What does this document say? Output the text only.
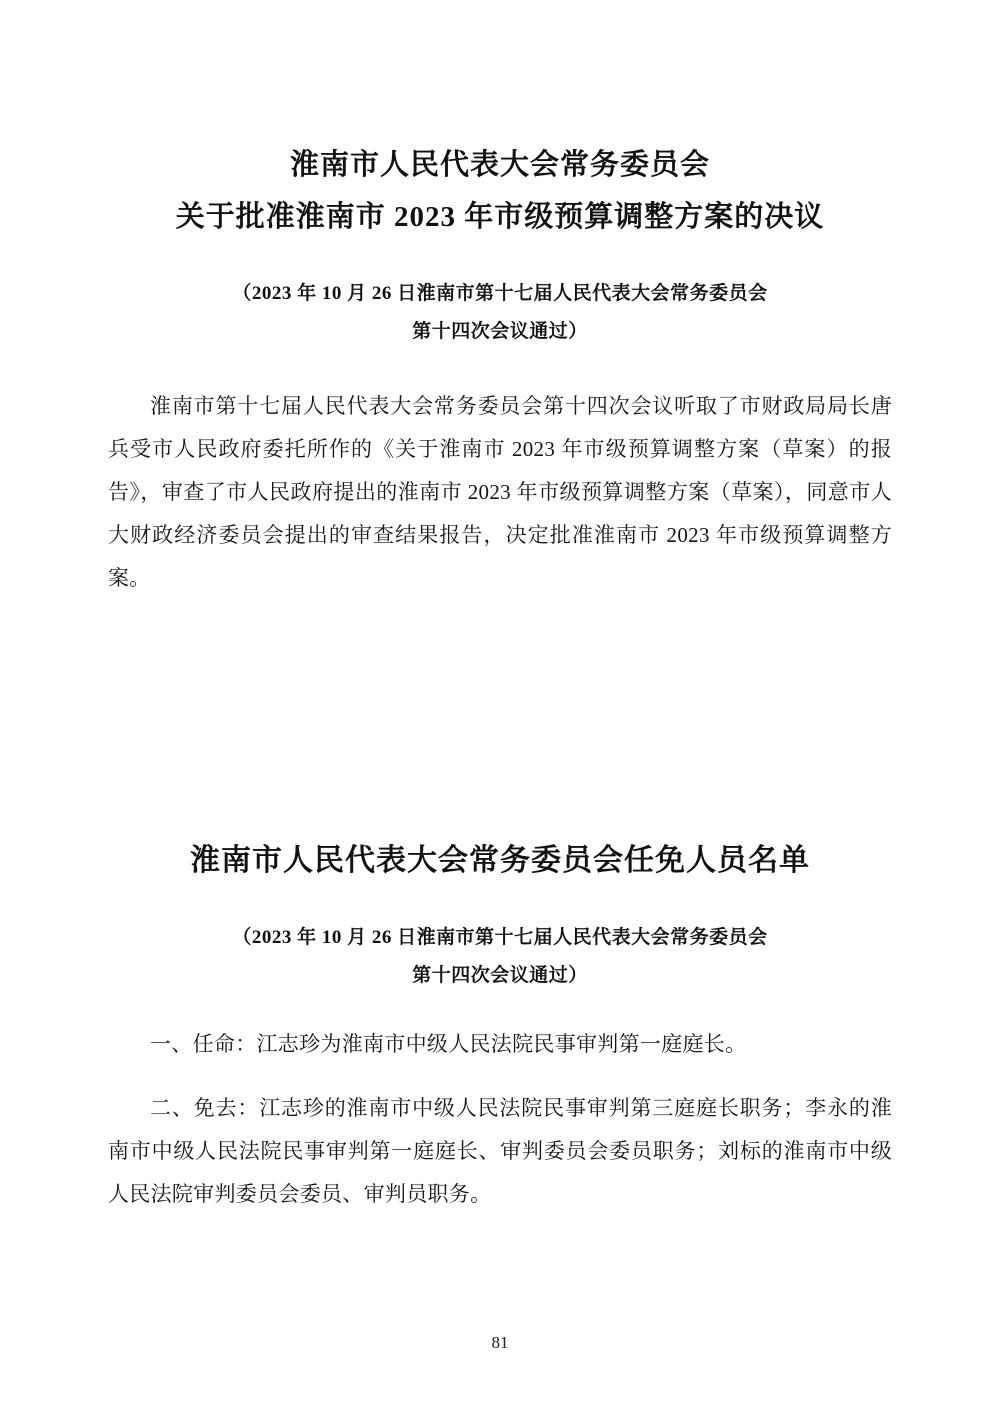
淮南市人民代表大会常务委员会
关于批准淮南市 2023 年市级预算调整方案的决议
（2023 年 10 月 26 日淮南市第十七届人民代表大会常务委员会
第十四次会议通过）

淮南市第十七届人民代表大会常务委员会第十四次会议听取了市财政局局长唐兵受市人民政府委托所作的《关于淮南市 2023 年市级预算调整方案（草案）的报告》，审查了市人民政府提出的淮南市 2023 年市级预算调整方案（草案），同意市人大财政经济委员会提出的审查结果报告，决定批准淮南市 2023 年市级预算调整方案。

淮南市人民代表大会常务委员会任免人员名单
（2023 年 10 月 26 日淮南市第十七届人民代表大会常务委员会
第十四次会议通过）

一、任命：江志珍为淮南市中级人民法院民事审判第一庭庭长。

二、免去：江志珍的淮南市中级人民法院民事审判第三庭庭长职务；李永的淮南市中级人民法院民事审判第一庭庭长、审判委员会委员职务；刘标的淮南市中级人民法院审判委员会委员、审判员职务。

81
